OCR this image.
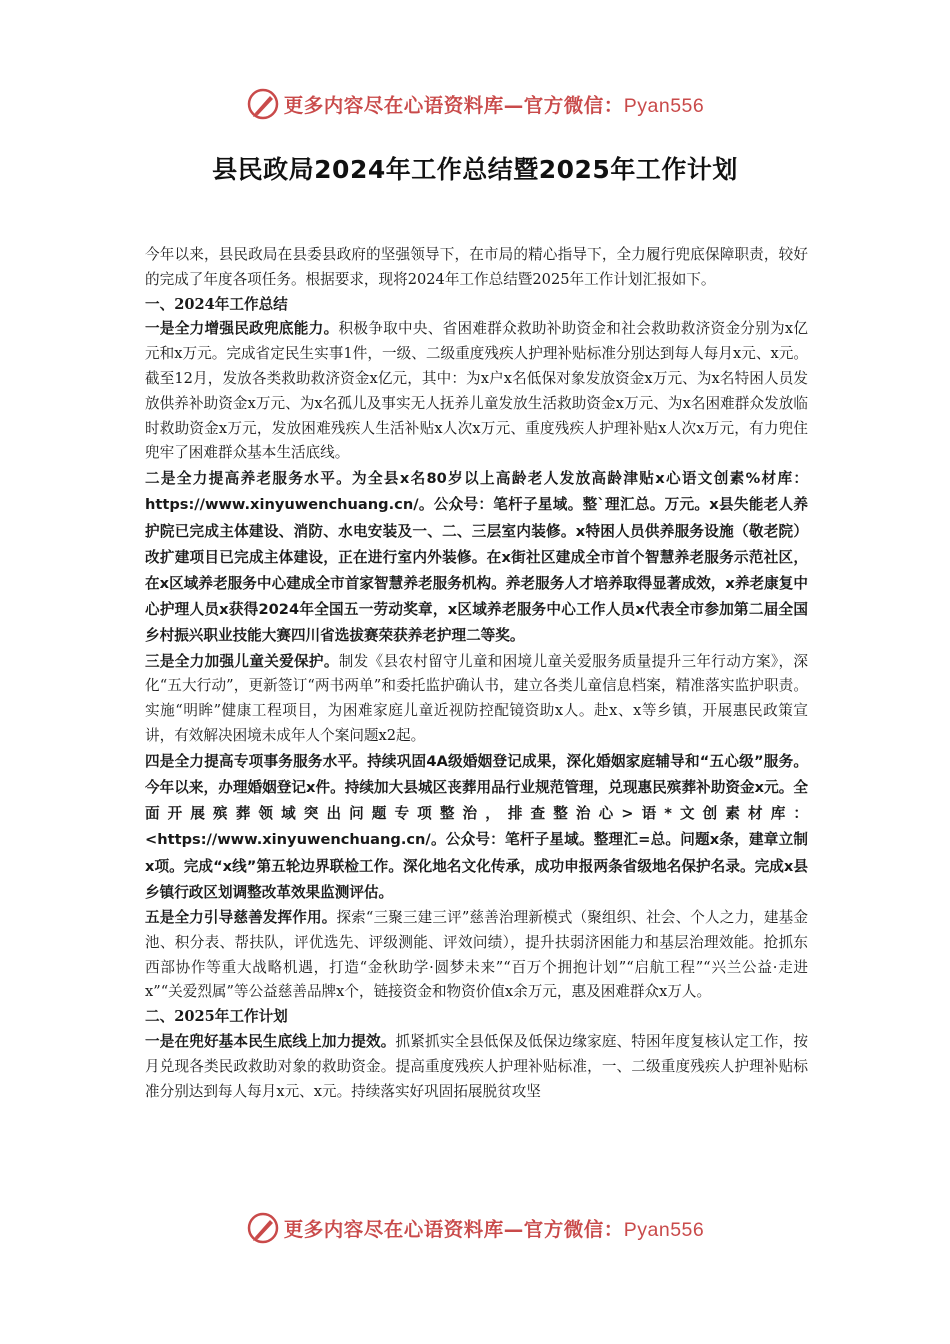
更多内容尽在心语资料库—官方微信：Pyan556
县民政局2024年工作总结暨2025年工作计划

今年以来，县民政局在县委县政府的坚强领导下，在市局的精心指导下，全力履行兜底保障职责，较好的完成了年度各项任务。根据要求，现将2024年工作总结暨2025年工作计划汇报如下。

一、2024年工作总结

一是全力增强民政兜底能力。积极争取中央、省困难群众救助补助资金和社会救助救济资金分别为x亿元和x万元。完成省定民生实事1件，一级、二级重度残疾人护理补贴标准分别达到每人每月x元、x元。截至12月，发放各类救助救济资金x亿元，其中：为x户x名低保对象发放资金x万元、为x名特困人员发放供养补助资金x万元、为x名孤儿及事实无人抚养儿童发放生活救助资金x万元、为x名困难群众发放临时救助资金x万元，发放困难残疾人生活补贴x人次x万元、重度残疾人护理补贴x人次x万元，有力兜住兜牢了困难群众基本生活底线。

二是全力提高养老服务水平。为全县x名80岁以上高龄老人发放高龄津贴x心语文创素%材库：https://www.xinyuwenchuang.cn/。公众号：笔杆子星域。整`理汇总。万元。x县失能老人养护院已完成主体建设、消防、水电安装及一、二、三层室内装修。x特困人员供养服务设施（敬老院）改扩建项目已完成主体建设，正在进行室内外装修。在x街社区建成全市首个智慧养老服务示范社区，在x区域养老服务中心建成全市首家智慧养老服务机构。养老服务人才培养取得显著成效，x养老康复中心护理人员x获得2024年全国五一劳动奖章，x区域养老服务中心工作人员x代表全市参加第二届全国乡村振兴职业技能大赛四川省选拔赛荣获养老护理二等奖。

三是全力加强儿童关爱保护。制发《县农村留守儿童和困境儿童关爱服务质量提升三年行动方案》，深化“五大行动”，更新签订“两书两单”和委托监护确认书，建立各类儿童信息档案，精准落实监护职责。实施“明眸”健康工程项目，为困难家庭儿童近视防控配镜资助x人。赴x、x等乡镇，开展惠民政策宣讲，有效解决困境未成年人个案问题x2起。

四是全力提高专项事务服务水平。持续巩固4A级婚姻登记成果，深化婚姻家庭辅导和“五心级”服务。今年以来，办理婚姻登记x件。持续加大县城区丧葬用品行业规范管理，兑现惠民殡葬补助资金x元。全面开展殡葬领域突出问题专项整治，排查整治心>语*文创素材库：<https://www.xinyuwenchuang.cn/。公众号：笔杆子星域。整理汇=总。问题x条，建章立制x项。完成“x线”第五轮边界联检工作。深化地名文化传承，成功申报两条省级地名保护名录。完成x县乡镇行政区划调整改革效果监测评估。

五是全力引导慈善发挥作用。探索“三聚三建三评”慈善治理新模式（聚组织、社会、个人之力，建基金池、积分表、帮扶队，评优选先、评级测能、评效问绩），提升扶弱济困能力和基层治理效能。抢抓东西部协作等重大战略机遇，打造“金秋助学·圆梦未来”“百万个拥抱计划”“启航工程”“兴兰公益·走进x”“关爱烈属”等公益慈善品牌x个，链接资金和物资价值x余万元，惠及困难群众x万人。

二、2025年工作计划

一是在兜好基本民生底线上加力提效。抓紧抓实全县低保及低保边缘家庭、特困年度复核认定工作，按月兑现各类民政救助对象的救助资金。提高重度残疾人护理补贴标准，一、二级重度残疾人护理补贴标准分别达到每人每月x元、x元。持续落实好巩固拓展脱贫攻坚

更多内容尽在心语资料库—官方微信：Pyan556
